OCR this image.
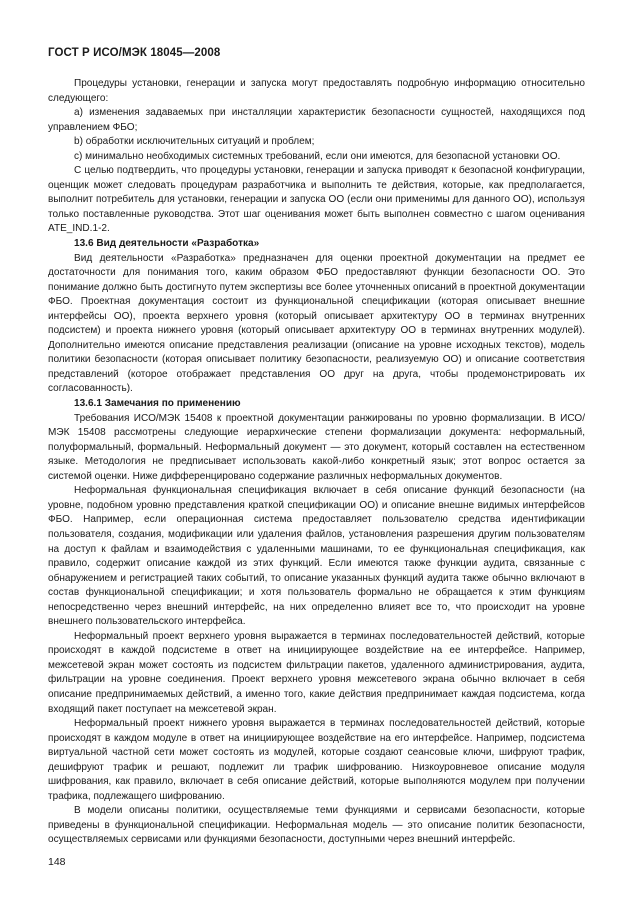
ГОСТ Р ИСО/МЭК 18045—2008

Процедуры установки, генерации и запуска могут предоставлять подробную информацию относительно следующего:

a) изменения задаваемых при инсталляции характеристик безопасности сущностей, находящихся под управлением ФБО;

b) обработки исключительных ситуаций и проблем;

c) минимально необходимых системных требований, если они имеются, для безопасной установки ОО.

С целью подтвердить, что процедуры установки, генерации и запуска приводят к безопасной конфигурации, оценщик может следовать процедурам разработчика и выполнить те действия, которые, как предполагается, выполнит потребитель для установки, генерации и запуска ОО (если они применимы для данного ОО), используя только поставленные руководства. Этот шаг оценивания может быть выполнен совместно с шагом оценивания ATE_IND.1-2.

13.6 Вид деятельности «Разработка»

Вид деятельности «Разработка» предназначен для оценки проектной документации на предмет ее достаточности для понимания того, каким образом ФБО предоставляют функции безопасности ОО. Это понимание должно быть достигнуто путем экспертизы все более уточненных описаний в проектной документации ФБО. Проектная документация состоит из функциональной спецификации (которая описывает внешние интерфейсы ОО), проекта верхнего уровня (который описывает архитектуру ОО в терминах внутренних подсистем) и проекта нижнего уровня (который описывает архитектуру ОО в терминах внутренних модулей). Дополнительно имеются описание представления реализации (описание на уровне исходных текстов), модель политики безопасности (которая описывает политику безопасности, реализуемую ОО) и описание соответствия представлений (которое отображает представления ОО друг на друга, чтобы продемонстрировать их согласованность).

13.6.1 Замечания по применению

Требования ИСО/МЭК 15408 к проектной документации ранжированы по уровню формализации. В ИСО/МЭК 15408 рассмотрены следующие иерархические степени формализации документа: неформальный, полуформальный, формальный. Неформальный документ — это документ, который составлен на естественном языке. Методология не предписывает использовать какой-либо конкретный язык; этот вопрос остается за системой оценки. Ниже дифференцировано содержание различных неформальных документов.

Неформальная функциональная спецификация включает в себя описание функций безопасности (на уровне, подобном уровню представления краткой спецификации ОО) и описание внешне видимых интерфейсов ФБО. Например, если операционная система предоставляет пользователю средства идентификации пользователя, создания, модификации или удаления файлов, установления разрешения другим пользователям на доступ к файлам и взаимодействия с удаленными машинами, то ее функциональная спецификация, как правило, содержит описание каждой из этих функций. Если имеются также функции аудита, связанные с обнаружением и регистрацией таких событий, то описание указанных функций аудита также обычно включают в состав функциональной спецификации; и хотя пользователь формально не обращается к этим функциям непосредственно через внешний интерфейс, на них определенно влияет все то, что происходит на уровне внешнего пользовательского интерфейса.

Неформальный проект верхнего уровня выражается в терминах последовательностей действий, которые происходят в каждой подсистеме в ответ на инициирующее воздействие на ее интерфейсе. Например, межсетевой экран может состоять из подсистем фильтрации пакетов, удаленного администрирования, аудита, фильтрации на уровне соединения. Проект верхнего уровня межсетевого экрана обычно включает в себя описание предпринимаемых действий, а именно того, какие действия предпринимает каждая подсистема, когда входящий пакет поступает на межсетевой экран.

Неформальный проект нижнего уровня выражается в терминах последовательностей действий, которые происходят в каждом модуле в ответ на инициирующее воздействие на его интерфейсе. Например, подсистема виртуальной частной сети может состоять из модулей, которые создают сеансовые ключи, шифруют трафик, дешифруют трафик и решают, подлежит ли трафик шифрованию. Низкоуровневое описание модуля шифрования, как правило, включает в себя описание действий, которые выполняются модулем при получении трафика, подлежащего шифрованию.

В модели описаны политики, осуществляемые теми функциями и сервисами безопасности, которые приведены в функциональной спецификации. Неформальная модель — это описание политик безопасности, осуществляемых сервисами или функциями безопасности, доступными через внешний интерфейс.

148
